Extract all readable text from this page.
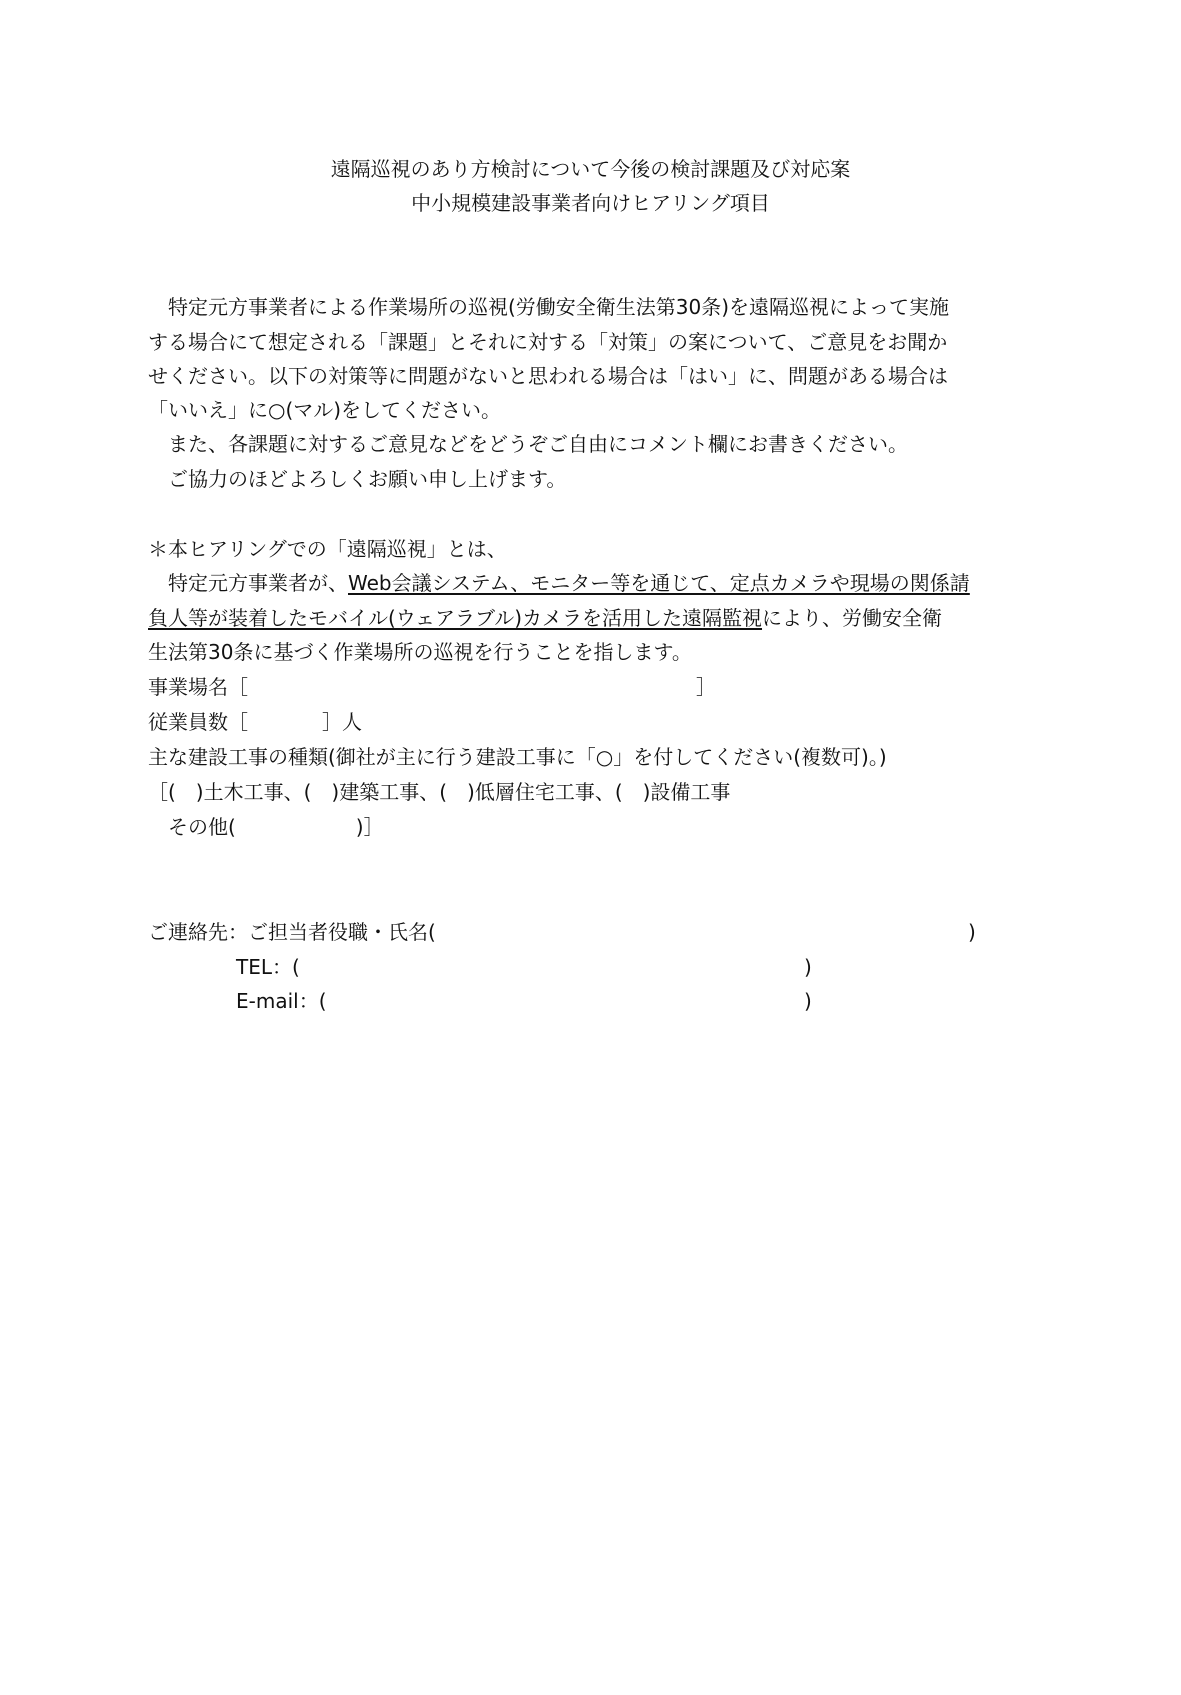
遠隔巡視のあり方検討について今後の検討課題及び対応案
中小規模建設事業者向けヒアリング項目
　特定元方事業者による作業場所の巡視(労働安全衛生法第30条)を遠隔巡視によって実施
する場合にて想定される「課題」とそれに対する「対策」の案について、ご意見をお聞か
せください。以下の対策等に問題がないと思われる場合は「はい」に、問題がある場合は
「いいえ」に○(マル)をしてください。
　また、各課題に対するご意見などをどうぞご自由にコメント欄にお書きください。
　ご協力のほどよろしくお願い申し上げます。
＊本ヒアリングでの「遠隔巡視」とは、
　特定元方事業者が、Web会議システム、モニター等を通じて、定点カメラや現場の関係請
負人等が装着したモバイル(ウェアラブル)カメラを活用した遠隔監視により、労働安全衛
生法第30条に基づく作業場所の巡視を行うことを指します。
事業場名［	］
従業員数［	］人
主な建設工事の種類(御社が主に行う建設工事に「○」を付してください(複数可)。)
［(　)土木工事、(　)建築工事、(　)低層住宅工事、(　)設備工事
　その他(　　　　　　)］
ご連絡先：ご担当者役職・氏名(	)
TEL：(	)
E-mail：(	)
